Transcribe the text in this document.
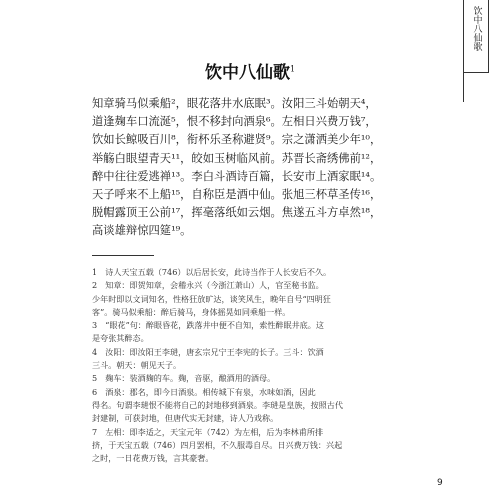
饮中八仙歌
饮中八仙歌$^1$
知章骑马似乘船²，眼花落井水底眠³。汝阳三斗始朝天⁴，
道逢麹车口流涎⁵，恨不移封向酒泉⁶。左相日兴费万钱⁷，
饮如长鲸吸百川⁸，衔杯乐圣称避贤⁹。宗之潇洒美少年¹⁰，
举觞白眼望青天¹¹，皎如玉树临风前。苏晋长斋绣佛前¹²，
醉中往往爱逃禅¹³。李白斗酒诗百篇，长安市上酒家眠¹⁴。
天子呼来不上船¹⁵，自称臣是酒中仙。张旭三杯草圣传¹⁶，
脱帽露顶王公前¹⁷，挥毫落纸如云烟。焦遂五斗方卓然¹⁸，
高谈雄辩惊四筵¹⁹。
1　诗人天宝五载（746）以后居长安，此诗当作于人长安后不久。
2　知章：即贺知章，会稽永兴（今浙江萧山）人，官至秘书监。
少年时即以文词知名，性格狂放旷达，谈笑风生，晚年自号“四明狂
客”。骑马似乘船：醉后骑马，身体摇晃如同乘船一样。
3　“眼花”句：醉眼昏花，跌落井中便不自知，索性醉眠井底。这
是夸张其醉态。
4　汝阳：即汝阳王李琎，唐玄宗兄宁王李宪的长子。三斗：饮酒
三斗。朝天：朝见天子。
5　麹车：装酒麹的车。麹，音驱，酿酒用的酒母。
6　酒泉：郡名，即今日酒泉。相传城下有泉，水味如酒，因此
得名。句谓李琎恨不能将自己的封地移到酒泉。李琎是皇族，按照古代
封建制，可获封地，但唐代实无封建，诗人乃戏称。
7　左相：即李适之，天宝元年（742）为左相，后为李林甫所排
挤，于天宝五载（746）四月罢相，不久服毒自尽。日兴费万钱：兴起
之时，一日花费万钱，言其豪奢。
9
